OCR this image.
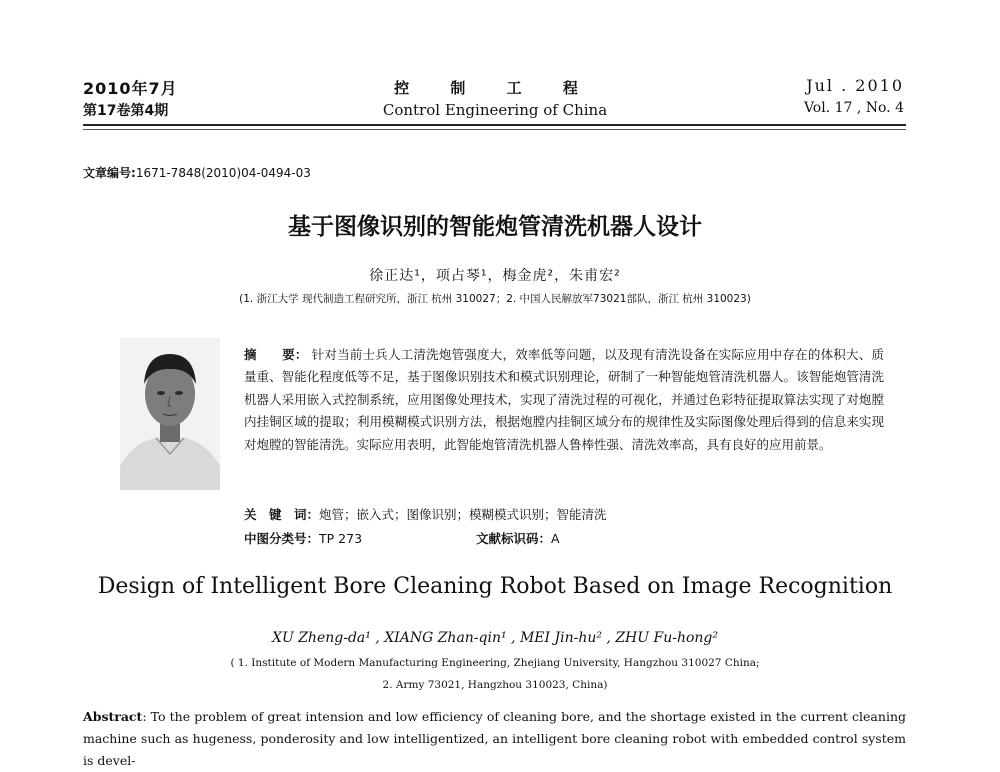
2010年7月
第17卷第4期
控 制 工 程
Control Engineering of China
Jul . 2010
Vol. 17 , No. 4
文章编号:1671-7848(2010)04-0494-03
基于图像识别的智能炮管清洗机器人设计
徐正达¹，项占琴¹，梅金虎²，朱甫宏²
(1. 浙江大学 现代制造工程研究所，浙江 杭州 310027；2. 中国人民解放军73021部队，浙江 杭州 310023)
摘　　要： 针对当前士兵人工清洗炮管强度大，效率低等问题，以及现有清洗设备在实际应用中存在的体积大、质量重、智能化程度低等不足，基于图像识别技术和模式识别理论，研制了一种智能炮管清洗机器人。该智能炮管清洗机器人采用嵌入式控制系统，应用图像处理技术，实现了清洗过程的可视化，并通过色彩特征提取算法实现了对炮膛内挂铜区域的提取；利用模糊模式识别方法，根据炮膛内挂铜区域分布的规律性及实际图像处理后得到的信息来实现对炮膛的智能清洗。实际应用表明，此智能炮管清洗机器人鲁棒性强、清洗效率高，具有良好的应用前景。
关　键　词：炮管；嵌入式；图像识别；模糊模式识别；智能清洗
中图分类号：TP 273	文献标识码：A
Design of Intelligent Bore Cleaning Robot Based on Image Recognition
XU Zheng-da¹ , XIANG Zhan-qin¹ , MEI Jin-hu² , ZHU Fu-hong²
( 1. Institute of Modern Manufacturing Engineering, Zhejiang University, Hangzhou 310027 China;
2. Army 73021, Hangzhou 310023, China)
Abstract: To the problem of great intension and low efficiency of cleaning bore, and the shortage existed in the current cleaning machine such as hugeness, ponderosity and low intelligentized, an intelligent bore cleaning robot with embedded control system is devel-
